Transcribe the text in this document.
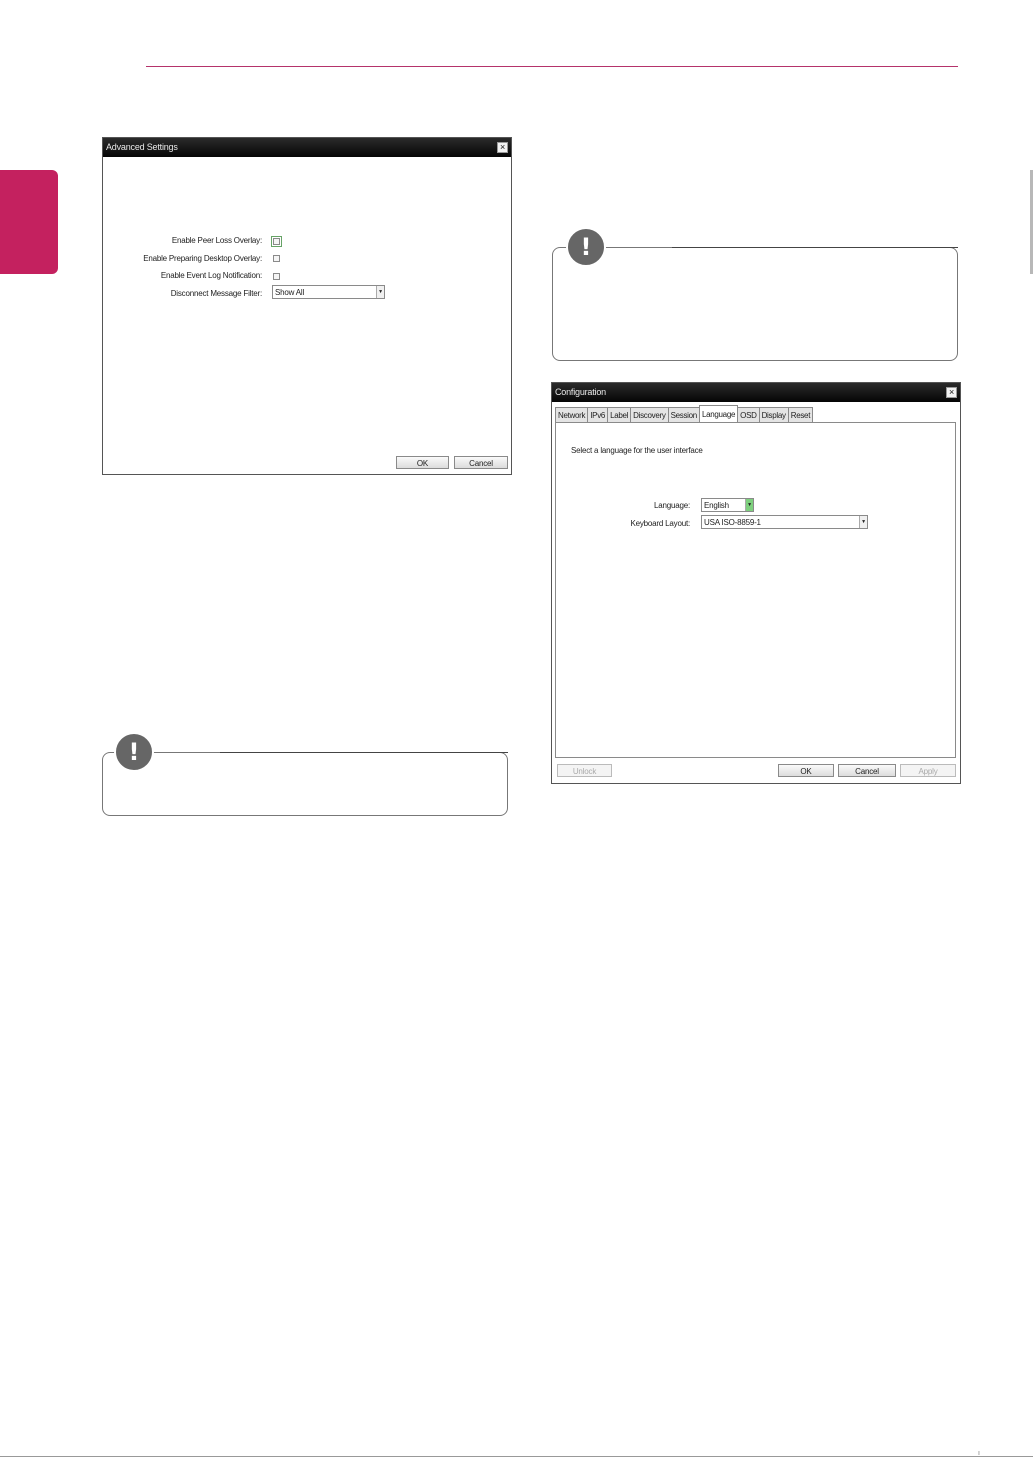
ı
Advanced Settings	×
Enable Peer Loss Overlay:
Enable Preparing Desktop Overlay:
Enable Event Log Notification:
Disconnect Message Filter:	Show All	▼
OK	Cancel
!
!
Configuration	×
Network IPv6 Label Discovery Session Language OSD Display Reset
Select a language for the user interface
Language:	English	▼
Keyboard Layout:	USA ISO-8859-1	▼
Unlock	OK	Cancel	Apply
